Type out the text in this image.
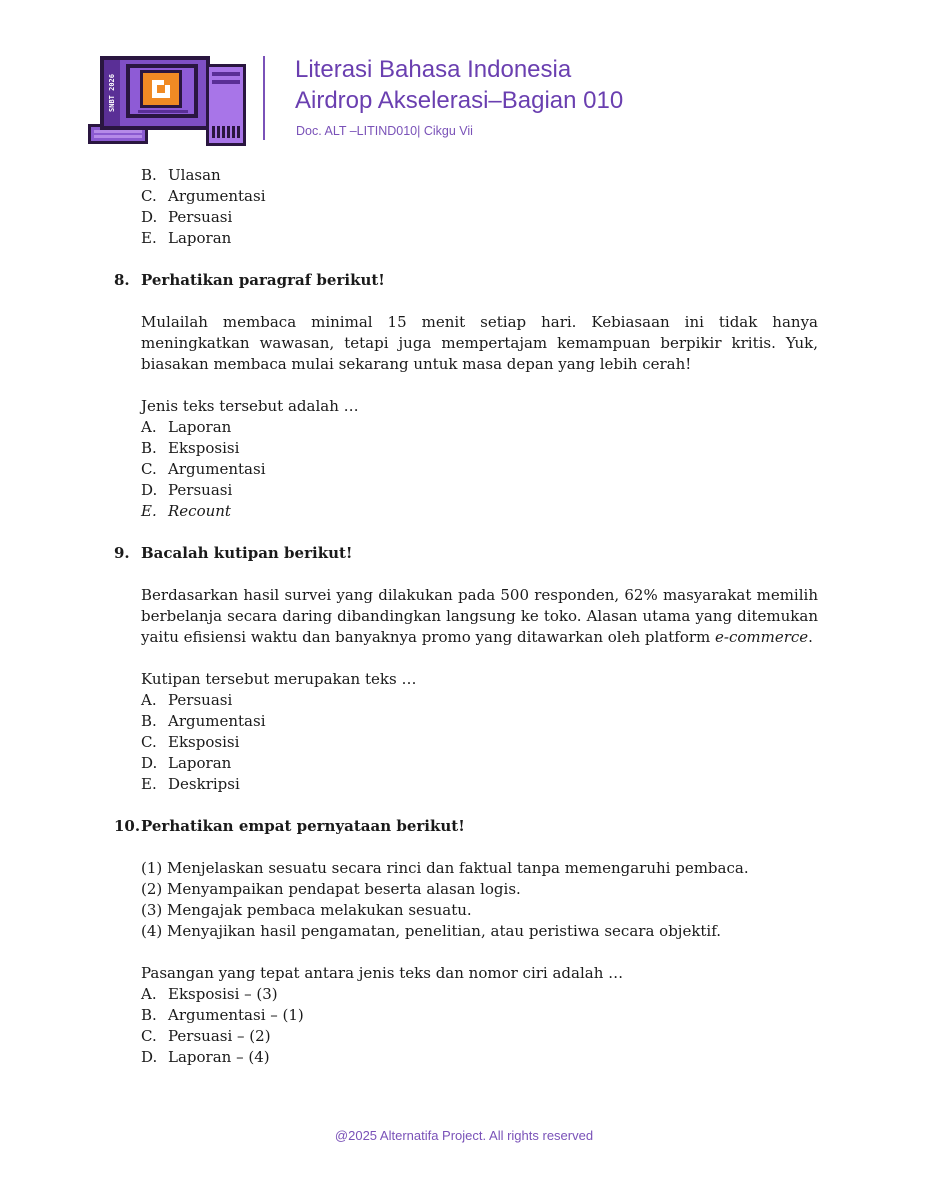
SNBT 2026
Literasi Bahasa Indonesia
Airdrop Akselerasi–Bagian 010
Doc. ALT –LITIND010| Cikgu Vii
B. Ulasan
C. Argumentasi
D. Persuasi
E. Laporan
8. Perhatikan paragraf berikut!
Mulailah membaca minimal 15 menit setiap hari. Kebiasaan ini tidak hanya meningkatkan wawasan, tetapi juga mempertajam kemampuan berpikir kritis. Yuk, biasakan membaca mulai sekarang untuk masa depan yang lebih cerah!
Jenis teks tersebut adalah …
A. Laporan
B. Eksposisi
C. Argumentasi
D. Persuasi
E. Recount
9. Bacalah kutipan berikut!
Berdasarkan hasil survei yang dilakukan pada 500 responden, 62% masyarakat memilih berbelanja secara daring dibandingkan langsung ke toko. Alasan utama yang ditemukan yaitu efisiensi waktu dan banyaknya promo yang ditawarkan oleh platform e-commerce.
Kutipan tersebut merupakan teks …
A. Persuasi
B. Argumentasi
C. Eksposisi
D. Laporan
E. Deskripsi
10. Perhatikan empat pernyataan berikut!
(1) Menjelaskan sesuatu secara rinci dan faktual tanpa memengaruhi pembaca.
(2) Menyampaikan pendapat beserta alasan logis.
(3) Mengajak pembaca melakukan sesuatu.
(4) Menyajikan hasil pengamatan, penelitian, atau peristiwa secara objektif.
Pasangan yang tepat antara jenis teks dan nomor ciri adalah …
A. Eksposisi – (3)
B. Argumentasi – (1)
C. Persuasi – (2)
D. Laporan – (4)
@2025 Alternatifa Project. All rights reserved
